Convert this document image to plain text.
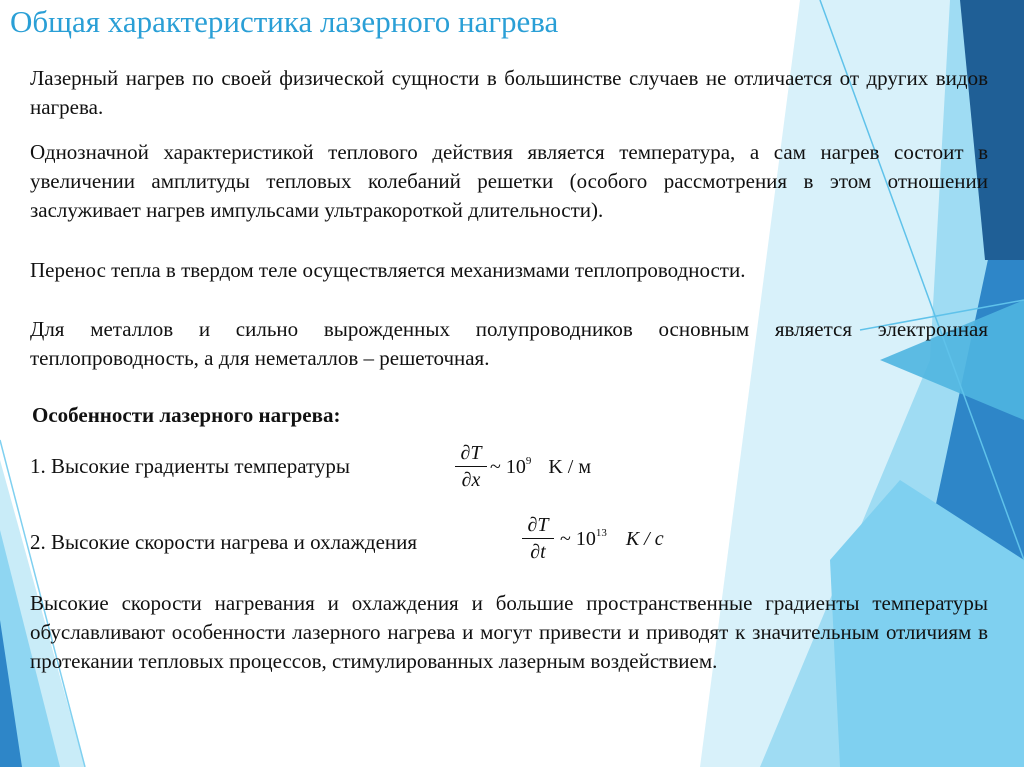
Общая характеристика лазерного нагрева
Лазерный нагрев по своей физической сущности в большинстве случаев не отличается от других видов нагрева.
Однозначной характеристикой теплового действия является температура, а сам нагрев состоит в увеличении амплитуды тепловых колебаний решетки (особого рассмотрения в этом отношении заслуживает нагрев импульсами ультракороткой длительности).
Перенос тепла в твердом теле осуществляется механизмами теплопроводности.
Для металлов и сильно вырожденных полупроводников основным является электронная теплопроводность, а для неметаллов – решеточная.
Особенности лазерного нагрева:
1. Высокие градиенты температуры
∂T
∂x
~ $10^9$ K / м
2. Высокие скорости нагрева и охлаждения
∂T
∂t
~ $10^{13}$ K / c
Высокие скорости нагревания и охлаждения и большие пространственные градиенты температуры обуславливают особенности лазерного нагрева и могут привести и приводят к значительным отличиям в протекании тепловых процессов, стимулированных лазерным воздействием.
